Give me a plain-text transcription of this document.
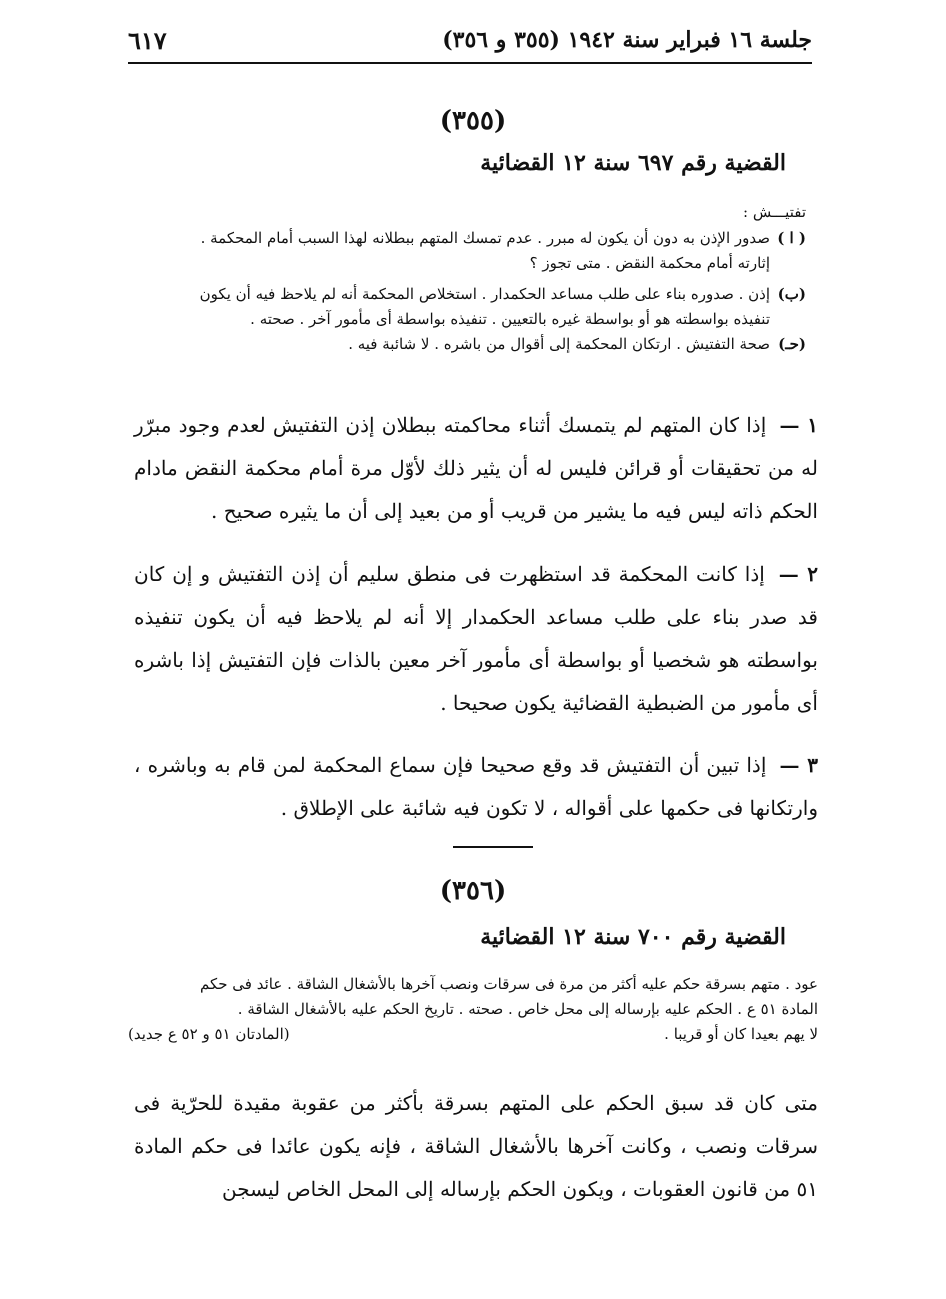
جلسة ١٦ فبراير سنة ١٩٤٢ (٣٥٥ و ٣٥٦)
٦١٧
(٣٥٥)
القضية رقم ٦٩٧ سنة ١٢ القضائية
تفتيـــش :
( ا )
صدور الإذن به دون أن يكون له مبرر . عدم تمسك المتهم ببطلانه لهذا السبب أمام المحكمة .
إثارته أمام محكمة النقض . متى تجوز ؟
(ب)
إذن . صدوره بناء على طلب مساعد الحكمدار . استخلاص المحكمة أنه لم يلاحظ فيه أن يكون
تنفيذه بواسطته هو أو بواسطة غيره بالتعيين . تنفيذه بواسطة أى مأمور آخر . صحته .
(حـ)
صحة التفتيش . ارتكان المحكمة إلى أقوال من باشره . لا شائبة فيه .
١ — إذا كان المتهم لم يتمسك أثناء محاكمته ببطلان إذن التفتيش لعدم وجود مبرّر له من تحقيقات أو قرائن فليس له أن يثير ذلك لأوّل مرة أمام محكمة النقض مادام الحكم ذاته ليس فيه ما يشير من قريب أو من بعيد إلى أن ما يثيره صحيح .
٢ — إذا كانت المحكمة قد استظهرت فى منطق سليم أن إذن التفتيش و إن كان قد صدر بناء على طلب مساعد الحكمدار إلا أنه لم يلاحظ فيه أن يكون تنفيذه بواسطته هو شخصيا أو بواسطة أى مأمور آخر معين بالذات فإن التفتيش إذا باشره أى مأمور من الضبطية القضائية يكون صحيحا .
٣ — إذا تبين أن التفتيش قد وقع صحيحا فإن سماع المحكمة لمن قام به وباشره ، وارتكانها فى حكمها على أقواله ، لا تكون فيه شائبة على الإطلاق .
(٣٥٦)
القضية رقم ٧٠٠ سنة ١٢ القضائية
عود . متهم بسرقة حكم عليه أكثر من مرة فى سرقات ونصب آخرها بالأشغال الشاقة . عائد فى حكم
المادة ٥١ ع . الحكم عليه بإرساله إلى محل خاص . صحته . تاريخ الحكم عليه بالأشغال الشاقة .
لا يهم بعيدا كان أو قريبا .
(المادتان ٥١ و ٥٢ ع جديد)
متى كان قد سبق الحكم على المتهم بسرقة بأكثر من عقوبة مقيدة للحرّية فى سرقات ونصب ، وكانت آخرها بالأشغال الشاقة ، فإنه يكون عائدا فى حكم المادة ٥١ من قانون العقوبات ، ويكون الحكم بإرساله إلى المحل الخاص ليسجن
